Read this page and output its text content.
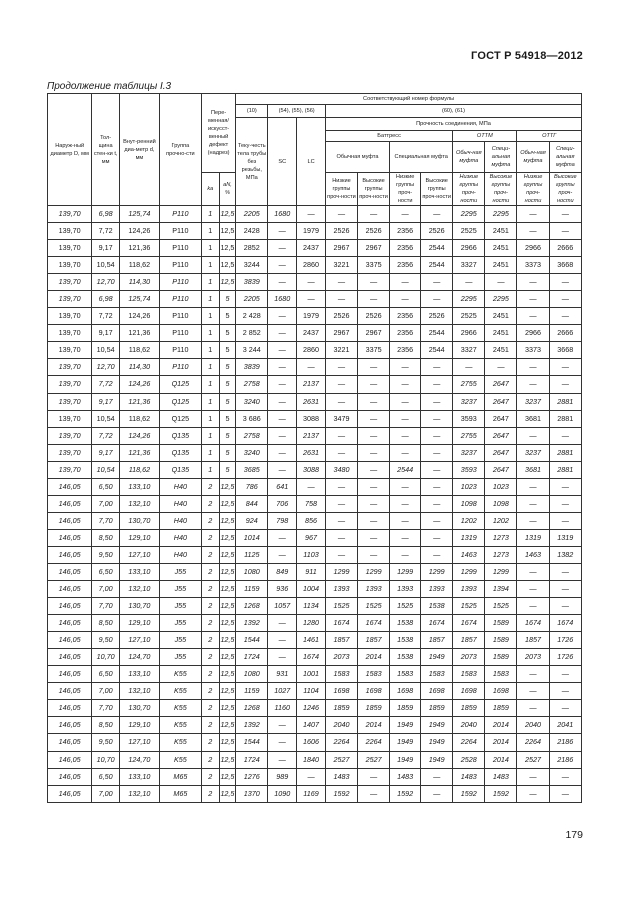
ГОСТ Р 54918—2012
Продолжение таблицы I.3
Наруж-ный диаметр D, мм	Тол-щина стен-ки t, мм	Внут-ренний диа-метр d, мм	Группа прочно-сти	Пере-менная/ искусст-венный дефект (надрез)		Соответствующий номер формулы										
						(10)	(54), (55), (56)		(60), (61)							
						Теку-честь тела трубы без резьбы, МПа	SC	LC	Прочность соединения, МПа							
									Баттресс				ОТТМ		ОТТГ	
									Обычная муфта		Специальная муфта		Обыч-ная муфта	Специ-альная муфта	Обыч-ная муфта	Специ-альная муфта
				ka	aN, %				Низкие группы проч-ности	Высокие группы проч-ности	Низкие группы проч-ности	Высокие группы проч-ности	Низкие группы проч-ности	Высокие группы проч-ности	Низкие группы проч-ности	Высокие группы проч-ности
139,70	6,98	125,74	P110	1	12,5	2205	1680	—	—	—	—	—	2295	2295	—	—
139,70	7,72	124,26	P110	1	12,5	2428	—	1979	2526	2526	2356	2526	2525	2451	—	—
139,70	9,17	121,36	P110	1	12,5	2852	—	2437	2967	2967	2356	2544	2966	2451	2966	2666
139,70	10,54	118,62	P110	1	12,5	3244	—	2860	3221	3375	2356	2544	3327	2451	3373	3668
139,70	12,70	114,30	P110	1	12,5	3839	—	—	—	—	—	—	—	—	—	—
139,70	6,98	125,74	P110	1	5	2205	1680	—	—	—	—	—	2295	2295	—	—
139,70	7,72	124,26	P110	1	5	2 428	—	1979	2526	2526	2356	2526	2525	2451	—	—
139,70	9,17	121,36	P110	1	5	2 852	—	2437	2967	2967	2356	2544	2966	2451	2966	2666
139,70	10,54	118,62	P110	1	5	3 244	—	2860	3221	3375	2356	2544	3327	2451	3373	3668
139,70	12,70	114,30	P110	1	5	3839	—	—	—	—	—	—	—	—	—	—
139,70	7,72	124,26	Q125	1	5	2758	—	2137	—	—	—	—	2755	2647	—	—
139,70	9,17	121,36	Q125	1	5	3240	—	2631	—	—	—	—	3237	2647	3237	2881
139,70	10,54	118,62	Q125	1	5	3 686	—	3088	3479	—	—	—	3593	2647	3681	2881
139,70	7,72	124,26	Q135	1	5	2758	—	2137	—	—	—	—	2755	2647	—	—
139,70	9,17	121,36	Q135	1	5	3240	—	2631	—	—	—	—	3237	2647	3237	2881
139,70	10,54	118,62	Q135	1	5	3685	—	3088	3480	—	2544	—	3593	2647	3681	2881
146,05	6,50	133,10	H40	2	12,5	786	641	—	—	—	—	—	1023	1023	—	—
146,05	7,00	132,10	H40	2	12,5	844	706	758	—	—	—	—	1098	1098	—	—
146,05	7,70	130,70	H40	2	12,5	924	798	856	—	—	—	—	1202	1202	—	—
146,05	8,50	129,10	H40	2	12,5	1014	—	967	—	—	—	—	1319	1273	1319	1319
146,05	9,50	127,10	H40	2	12,5	1125	—	1103	—	—	—	—	1463	1273	1463	1382
146,05	6,50	133,10	J55	2	12,5	1080	849	911	1299	1299	1299	1299	1299	1299	—	—
146,05	7,00	132,10	J55	2	12,5	1159	936	1004	1393	1393	1393	1393	1393	1394	—	—
146,05	7,70	130,70	J55	2	12,5	1268	1057	1134	1525	1525	1525	1538	1525	1525	—	—
146,05	8,50	129,10	J55	2	12,5	1392	—	1280	1674	1674	1538	1674	1674	1589	1674	1674
146,05	9,50	127,10	J55	2	12,5	1544	—	1461	1857	1857	1538	1857	1857	1589	1857	1726
146,05	10,70	124,70	J55	2	12,5	1724	—	1674	2073	2014	1538	1949	2073	1589	2073	1726
146,05	6,50	133,10	K55	2	12,5	1080	931	1001	1583	1583	1583	1583	1583	1583	—	—
146,05	7,00	132,10	K55	2	12,5	1159	1027	1104	1698	1698	1698	1698	1698	1698	—	—
146,05	7,70	130,70	K55	2	12,5	1268	1160	1246	1859	1859	1859	1859	1859	1859	—	—
146,05	8,50	129,10	K55	2	12,5	1392	—	1407	2040	2014	1949	1949	2040	2014	2040	2041
146,05	9,50	127,10	K55	2	12,5	1544	—	1606	2264	2264	1949	1949	2264	2014	2264	2186
146,05	10,70	124,70	K55	2	12,5	1724	—	1840	2527	2527	1949	1949	2528	2014	2527	2186
146,05	6,50	133,10	M65	2	12,5	1276	989	—	1483	—	1483	—	1483	1483	—	—
146,05	7,00	132,10	M65	2	12,5	1370	1090	1169	1592	—	1592	—	1592	1592	—	—
179
